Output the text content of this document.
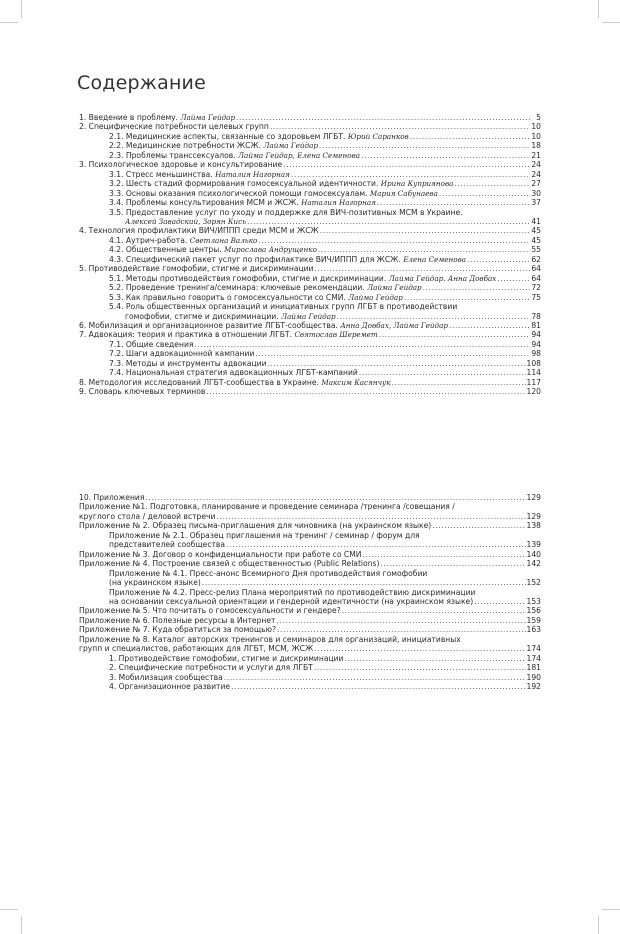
Содержание
1. Введение в проблему. Лайма Гейдар .....	5
2. Специфические потребности целевых групп .....	10
2.1. Медицинские аспекты, связанные со здоровьем ЛГБТ. Юрий Саранков .....	10
2.2. Медицинские потребности ЖСЖ. Лайма Гейдар .....	18
2.3. Проблемы транссексуалов. Лайма Гейдар, Елена Семенова .....	21
3. Психологическое здоровье и консультирование .....	24
3.1. Стресс меньшинства. Наталия Нагорная .....	24
3.2. Шесть стадий формирования гомосексуальной идентичности. Ирина Куприянова .....	27
3.3. Основы оказания психологической помощи гомосексуалам. Мария Сабунаева .....	30
3.4. Проблемы консультирования МСМ и ЖСЖ. Наталия Нагорная .....	37
3.5. Предоставление услуг по уходу и поддержке для ВИЧ-позитивных МСМ в Украине.
Алексей Завадский, Зорян Кись .....	41
4. Технология профилактики ВИЧ/ИППП среди МСМ и ЖСЖ .....	45
4.1. Аутрич-работа. Светлана Валько .....	45
4.2. Общественные центры. Мирослава Андрущенко .....	55
4.3. Специфический пакет услуг по профилактике ВИЧ/ИППП для ЖСЖ. Елена Семенова .....	62
5. Противодействие гомофобии, стигме и дискриминации .....	64
5.1. Методы противодействия гомофобии, стигме и дискриминации. Лайма Гейдар. Анна Довбах .....	64
5.2. Проведение тренинга/семинара: ключевые рекомендации. Лайма Гейдар .....	72
5.3. Как правильно говорить о гомосексуальности со СМИ. Лайма Гейдар .....	75
5.4. Роль общественных организаций и инициативных групп ЛГБТ в противодействии
гомофобии, стигме и дискриминации. Лайма Гейдар .....	78
6. Мобилизация и организационное развитие ЛГБТ-сообщества. Анна Довбах, Лайма Гейдар .....	81
7. Адвокация: теория и практика в отношении ЛГБТ. Святослав Шеремет .....	94
7.1. Общие сведения .....	94
7.2. Шаги адвокационной кампании .....	98
7.3. Методы и инструменты адвокации .....	108
7.4. Национальная стратегия адвокационных ЛГБТ-кампаний .....	114
8. Методология исследований ЛГБТ-сообщества в Украине. Максим Касянчук .....	117
9. Словарь ключевых терминов .....	120
10. Приложения .....	129
Приложение №1. Подготовка, планирование и проведение семинара /тренинга /совещания /
круглого стола / деловой встречи .....	129
Приложение № 2. Образец письма-приглашения для чиновника (на украинском языке) .....	138
Приложение № 2.1. Образец приглашения на тренинг / семинар / форум для
представителей сообщества .....	139
Приложение № 3. Договор о конфиденциальности при работе со СМИ .....	140
Приложение № 4. Построение связей с общественностью (Public Relations) .....	142
Приложение № 4.1. Пресс-анонс Всемирного Дня противодействия гомофобии
(на украинском языке) .....	152
Приложение № 4.2. Пресс-релиз Плана мероприятий по противодействию дискриминации
на основании сексуальной ориентации и гендерной идентичности (на украинском языке) .....	153
Приложение № 5. Что почитать о гомосексуальности и гендере? .....	156
Приложение № 6. Полезные ресурсы в Интернет .....	159
Приложение № 7. Куда обратиться за помощью? .....	163
Приложение № 8. Каталог авторских тренингов и семинаров для организаций, инициативных
групп и специалистов, работающих для ЛГБТ, МСМ, ЖСЖ .....	174
1. Противодействие гомофобии, стигме и дискриминации .....	174
2. Специфические потребности и услуги для ЛГБТ .....	181
3. Мобилизация сообщества .....	190
4. Организационное развитие .....	192
